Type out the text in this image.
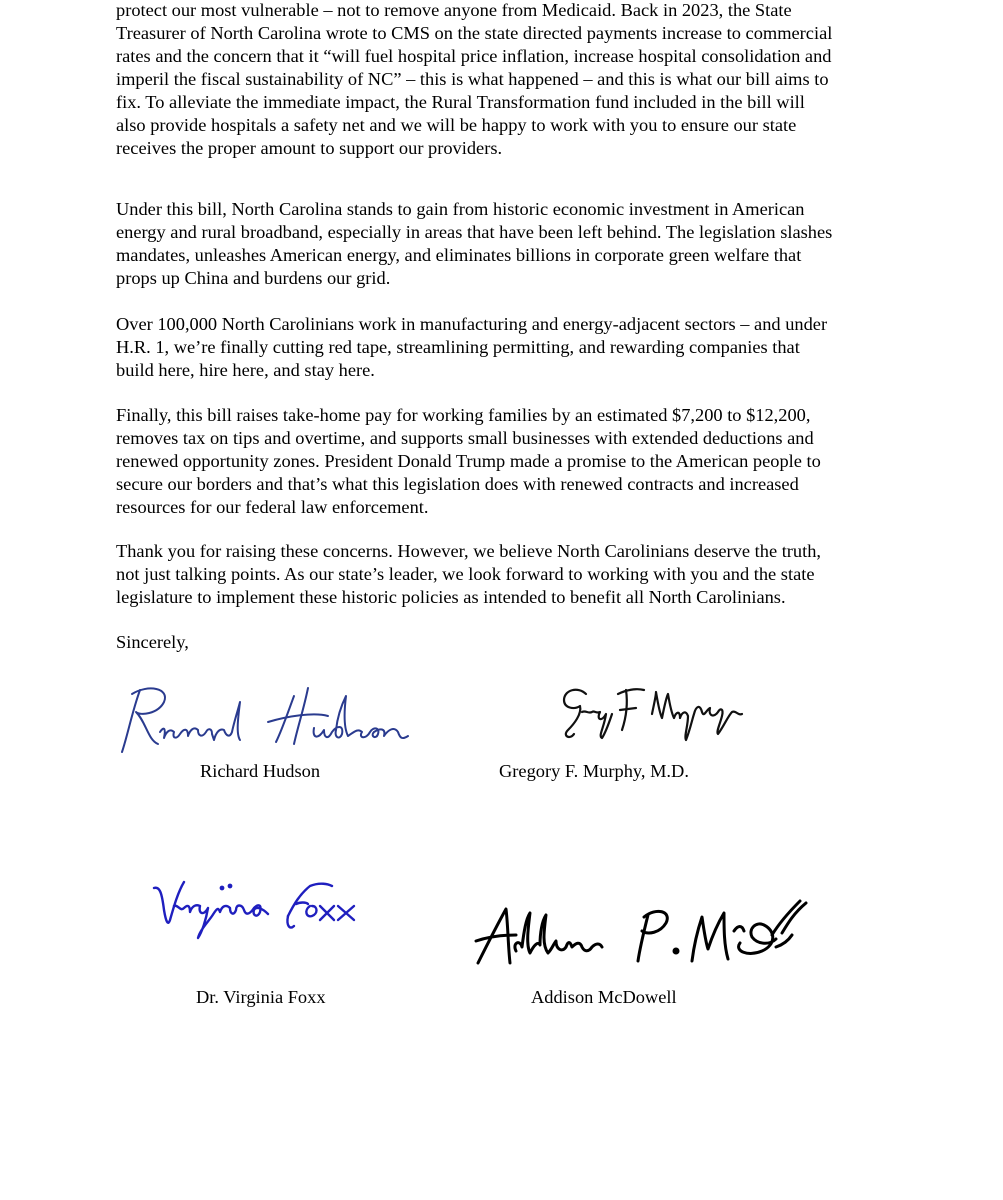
protect our most vulnerable – not to remove anyone from Medicaid. Back in 2023, the State
Treasurer of North Carolina wrote to CMS on the state directed payments increase to commercial
rates and the concern that it “will fuel hospital price inflation, increase hospital consolidation and
imperil the fiscal sustainability of NC” – this is what happened – and this is what our bill aims to
fix. To alleviate the immediate impact, the Rural Transformation fund included in the bill will
also provide hospitals a safety net and we will be happy to work with you to ensure our state
receives the proper amount to support our providers.

Under this bill, North Carolina stands to gain from historic economic investment in American
energy and rural broadband, especially in areas that have been left behind. The legislation slashes
mandates, unleashes American energy, and eliminates billions in corporate green welfare that
props up China and burdens our grid.

Over 100,000 North Carolinians work in manufacturing and energy-adjacent sectors – and under
H.R. 1, we’re finally cutting red tape, streamlining permitting, and rewarding companies that
build here, hire here, and stay here.

Finally, this bill raises take-home pay for working families by an estimated $7,200 to $12,200,
removes tax on tips and overtime, and supports small businesses with extended deductions and
renewed opportunity zones. President Donald Trump made a promise to the American people to
secure our borders and that’s what this legislation does with renewed contracts and increased
resources for our federal law enforcement.

Thank you for raising these concerns. However, we believe North Carolinians deserve the truth,
not just talking points. As our state’s leader, we look forward to working with you and the state
legislature to implement these historic policies as intended to benefit all North Carolinians.

Sincerely,

Richard Hudson	Gregory F. Murphy, M.D.
Dr. Virginia Foxx	Addison McDowell
